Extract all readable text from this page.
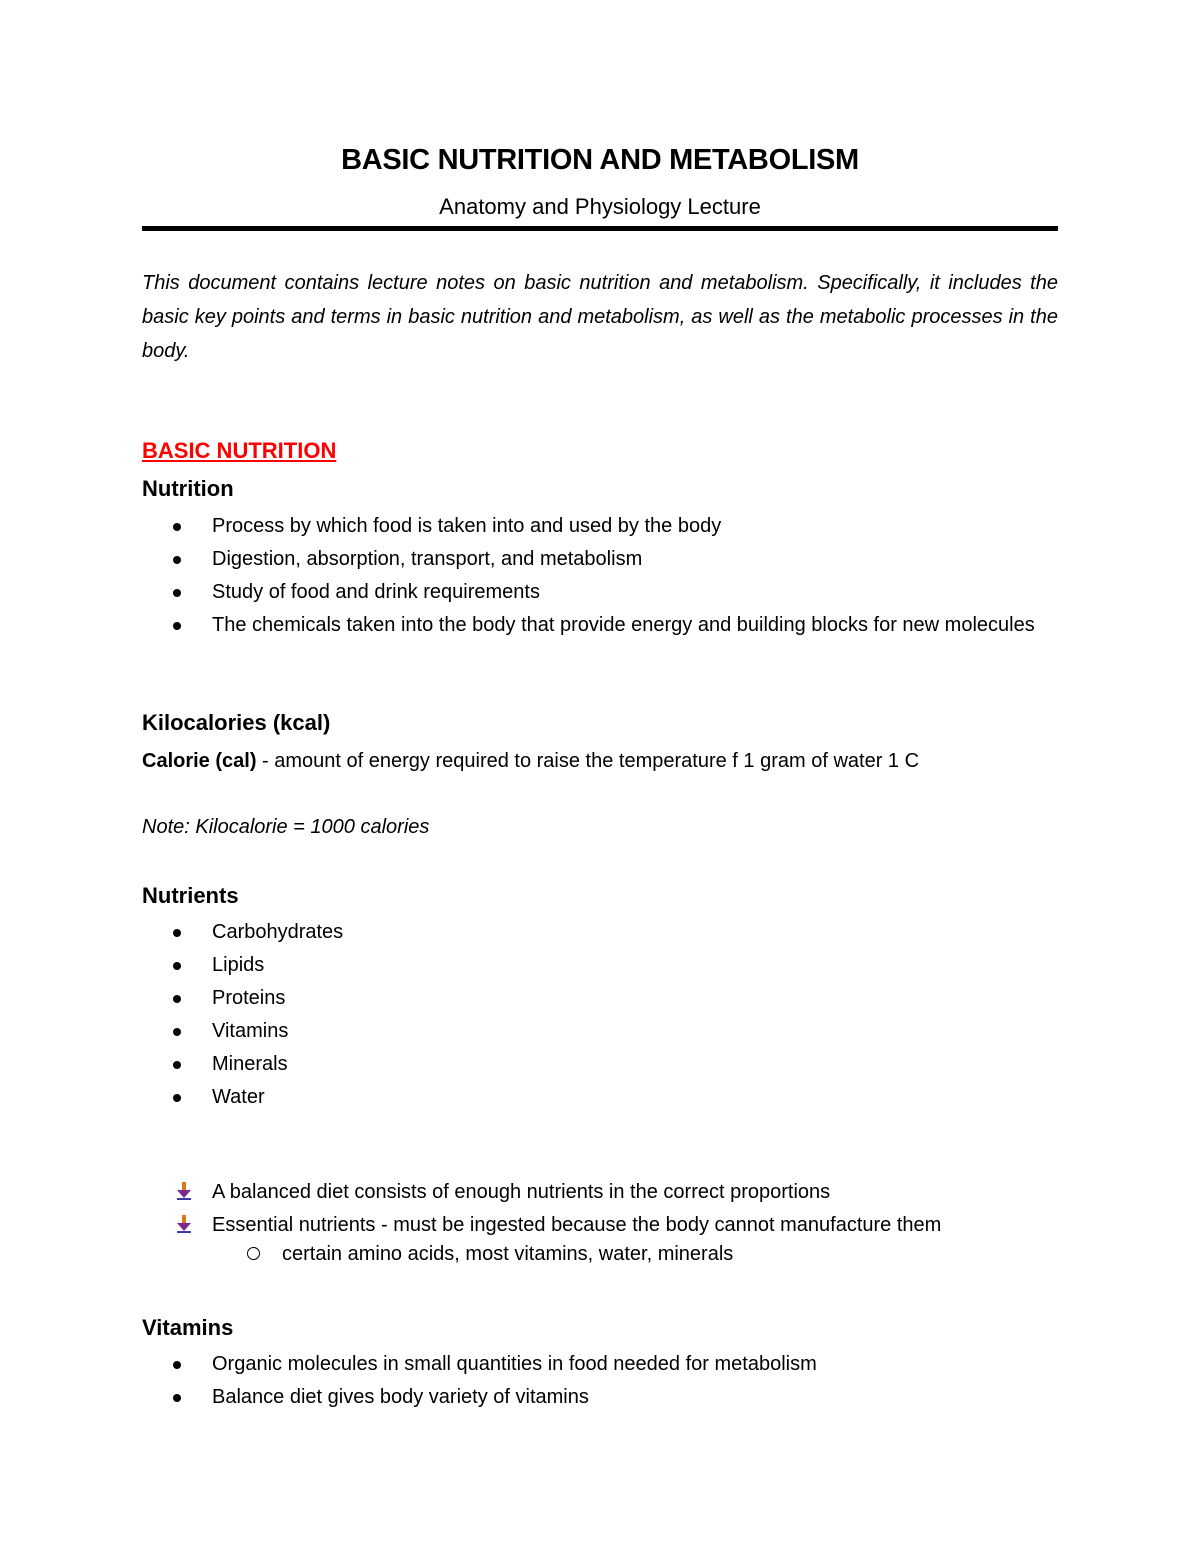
BASIC NUTRITION AND METABOLISM
Anatomy and Physiology Lecture

This document contains lecture notes on basic nutrition and metabolism. Specifically, it includes the basic key points and terms in basic nutrition and metabolism, as well as the metabolic processes in the body.

BASIC NUTRITION
Nutrition
Process by which food is taken into and used by the body
Digestion, absorption, transport, and metabolism
Study of food and drink requirements
The chemicals taken into the body that provide energy and building blocks for new molecules
Kilocalories (kcal)
Calorie (cal) - amount of energy required to raise the temperature f 1 gram of water 1 C
Note: Kilocalorie = 1000 calories
Nutrients
Carbohydrates
Lipids
Proteins
Vitamins
Minerals
Water
A balanced diet consists of enough nutrients in the correct proportions
Essential nutrients - must be ingested because the body cannot manufacture them
certain amino acids, most vitamins, water, minerals
Vitamins
Organic molecules in small quantities in food needed for metabolism
Balance diet gives body variety of vitamins
